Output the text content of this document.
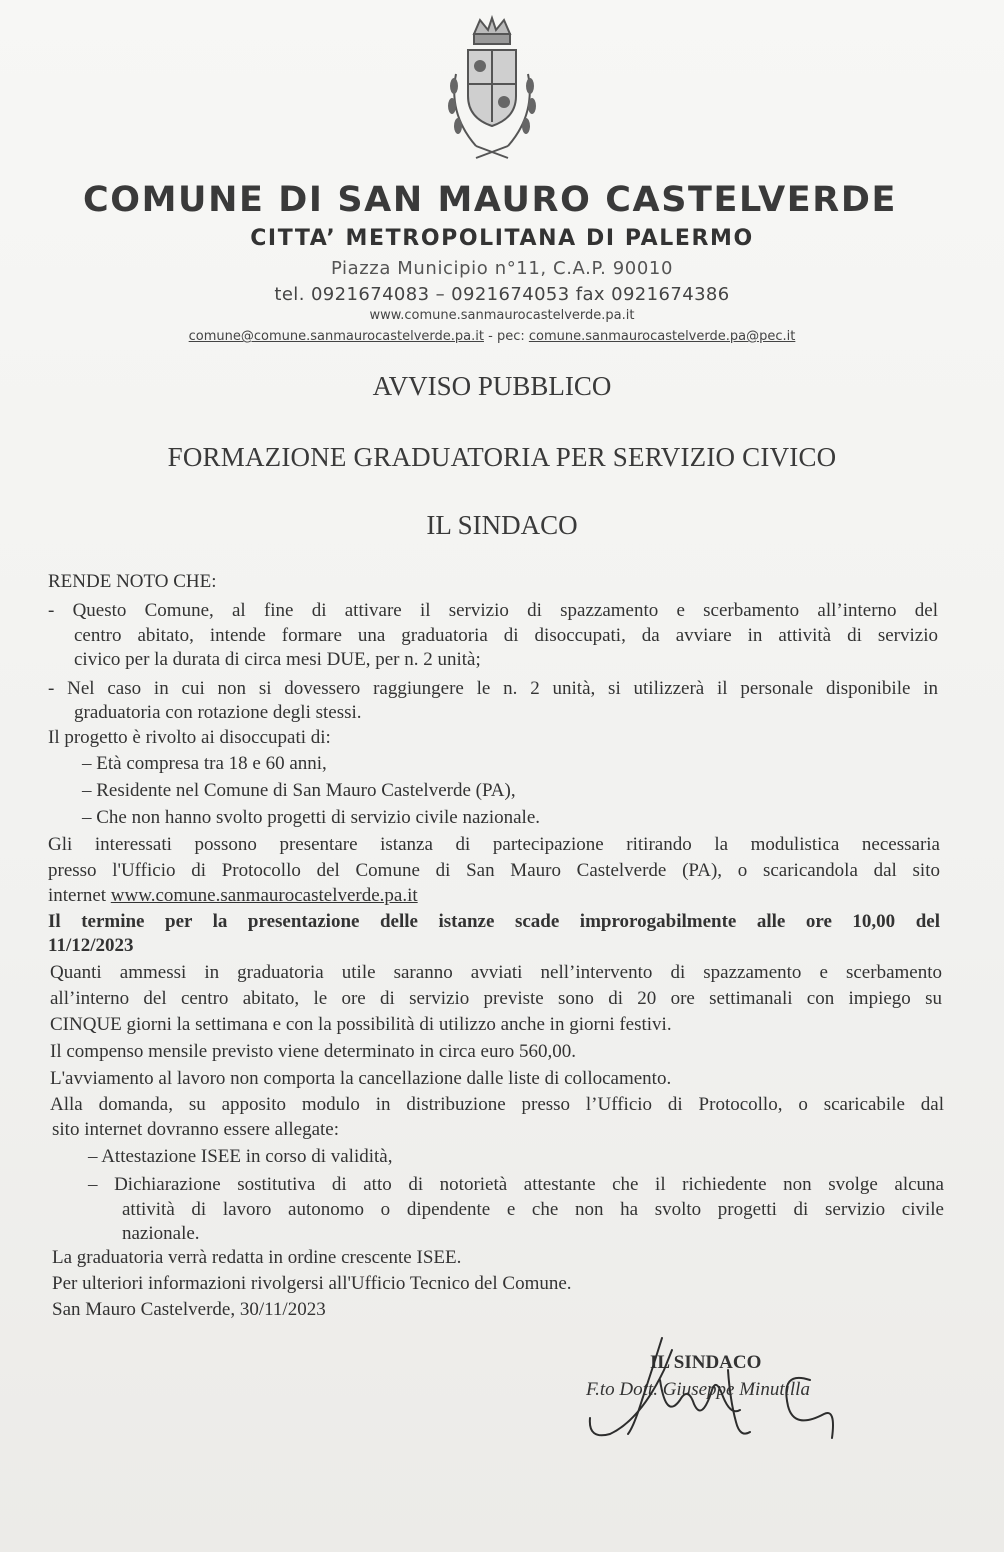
COMUNE DI SAN MAURO CASTELVERDE
CITTA’ METROPOLITANA DI PALERMO
Piazza Municipio n°11, C.A.P. 90010
tel. 0921674083 – 0921674053 fax 0921674386
www.comune.sanmaurocastelverde.pa.it
comune@comune.sanmaurocastelverde.pa.it - pec: comune.sanmaurocastelverde.pa@pec.it
AVVISO PUBBLICO
FORMAZIONE GRADUATORIA PER SERVIZIO CIVICO
IL SINDACO
RENDE NOTO CHE:
- Questo Comune, al fine di attivare il servizio di spazzamento e scerbamento all’interno del
centro abitato, intende formare una graduatoria di disoccupati, da avviare in attività di servizio
civico per la durata di circa mesi DUE, per n. 2 unità;
- Nel caso in cui non si dovessero raggiungere le n. 2 unità, si utilizzerà il personale disponibile in
graduatoria con rotazione degli stessi.
Il progetto è rivolto ai disoccupati di:
– Età compresa tra 18 e 60 anni,
– Residente nel Comune di San Mauro Castelverde (PA),
– Che non hanno svolto progetti di servizio civile nazionale.
Gli interessati possono presentare istanza di partecipazione ritirando la modulistica necessaria
presso l'Ufficio di Protocollo del Comune di San Mauro Castelverde (PA), o scaricandola dal sito
internet www.comune.sanmaurocastelverde.pa.it
Il termine per la presentazione delle istanze scade improrogabilmente alle ore 10,00 del
11/12/2023
Quanti ammessi in graduatoria utile saranno avviati nell’intervento di spazzamento e scerbamento
all’interno del centro abitato, le ore di servizio previste sono di 20 ore settimanali con impiego su
CINQUE giorni la settimana e con la possibilità di utilizzo anche in giorni festivi.
Il compenso mensile previsto viene determinato in circa euro 560,00.
L'avviamento al lavoro non comporta la cancellazione dalle liste di collocamento.
Alla domanda, su apposito modulo in distribuzione presso l’Ufficio di Protocollo, o scaricabile dal
sito internet dovranno essere allegate:
– Attestazione ISEE in corso di validità,
– Dichiarazione sostitutiva di atto di notorietà attestante che il richiedente non svolge alcuna
attività di lavoro autonomo o dipendente e che non ha svolto progetti di servizio civile
nazionale.
La graduatoria verrà redatta in ordine crescente ISEE.
Per ulteriori informazioni rivolgersi all'Ufficio Tecnico del Comune.
San Mauro Castelverde, 30/11/2023
IL SINDACO
F.to Dott. Giuseppe Minutilla
